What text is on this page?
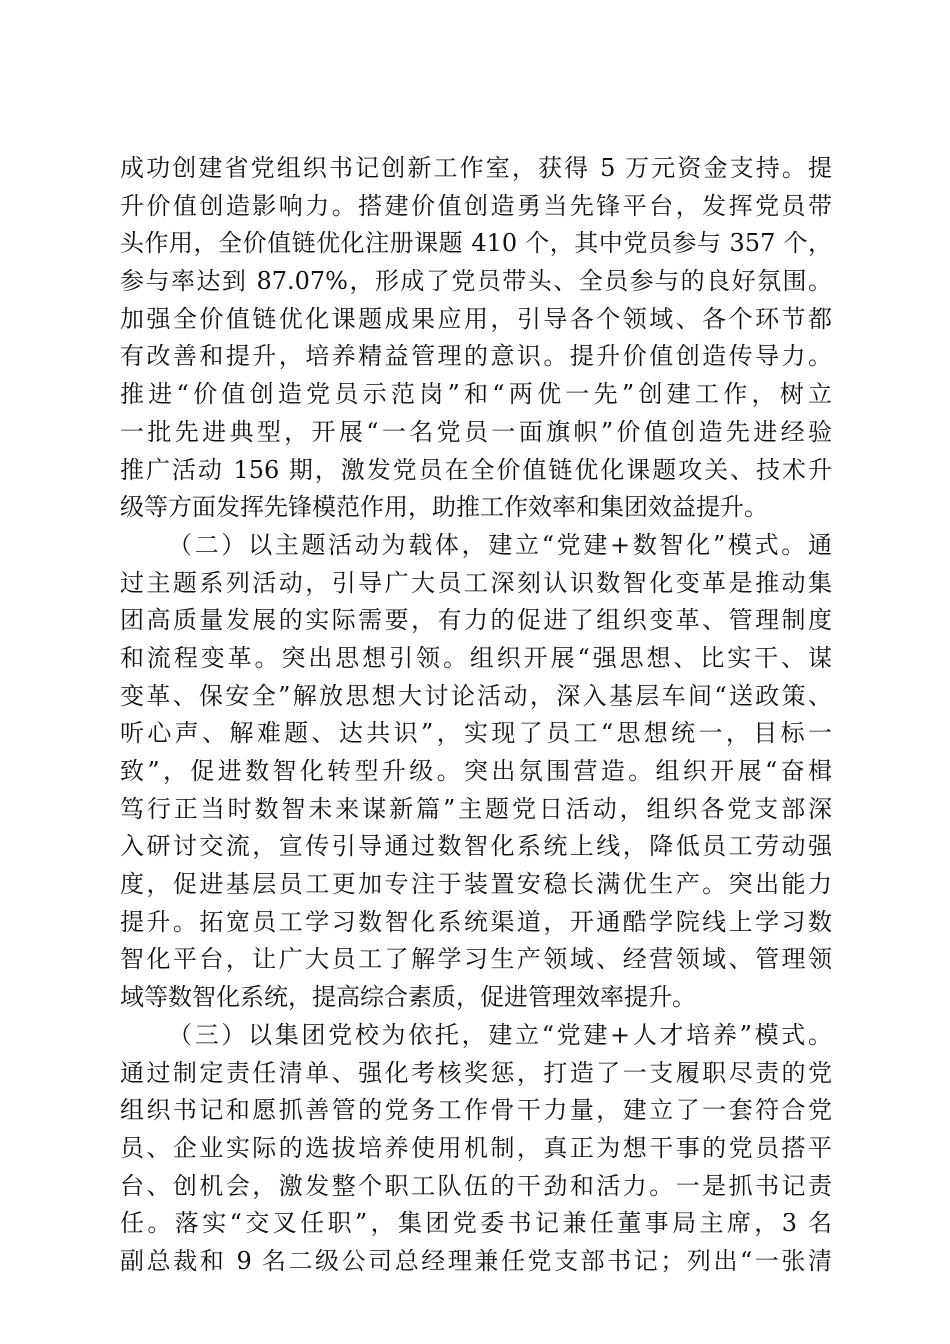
成功创建省党组织书记创新工作室，获得 5 万元资金支持。提
升价值创造影响力。搭建价值创造勇当先锋平台，发挥党员带
头作用，全价值链优化注册课题 410 个，其中党员参与 357 个，
参与率达到 87.07%，形成了党员带头、全员参与的良好氛围。
加强全价值链优化课题成果应用，引导各个领域、各个环节都
有改善和提升，培养精益管理的意识。提升价值创造传导力。
推进“价值创造党员示范岗”和“两优一先”创建工作，树立
一批先进典型，开展“一名党员一面旗帜”价值创造先进经验
推广活动 156 期，激发党员在全价值链优化课题攻关、技术升
级等方面发挥先锋模范作用，助推工作效率和集团效益提升。
（二）以主题活动为载体，建立“党建+数智化”模式。通
过主题系列活动，引导广大员工深刻认识数智化变革是推动集
团高质量发展的实际需要，有力的促进了组织变革、管理制度
和流程变革。突出思想引领。组织开展“强思想、比实干、谋
变革、保安全”解放思想大讨论活动，深入基层车间“送政策、
听心声、解难题、达共识”，实现了员工“思想统一，目标一
致”，促进数智化转型升级。突出氛围营造。组织开展“奋楫
笃行正当时数智未来谋新篇”主题党日活动，组织各党支部深
入研讨交流，宣传引导通过数智化系统上线，降低员工劳动强
度，促进基层员工更加专注于装置安稳长满优生产。突出能力
提升。拓宽员工学习数智化系统渠道，开通酷学院线上学习数
智化平台，让广大员工了解学习生产领域、经营领域、管理领
域等数智化系统，提高综合素质，促进管理效率提升。
（三）以集团党校为依托，建立“党建+人才培养”模式。
通过制定责任清单、强化考核奖惩，打造了一支履职尽责的党
组织书记和愿抓善管的党务工作骨干力量，建立了一套符合党
员、企业实际的选拔培养使用机制，真正为想干事的党员搭平
台、创机会，激发整个职工队伍的干劲和活力。一是抓书记责
任。落实“交叉任职”，集团党委书记兼任董事局主席，3 名
副总裁和 9 名二级公司总经理兼任党支部书记；列出“一张清
